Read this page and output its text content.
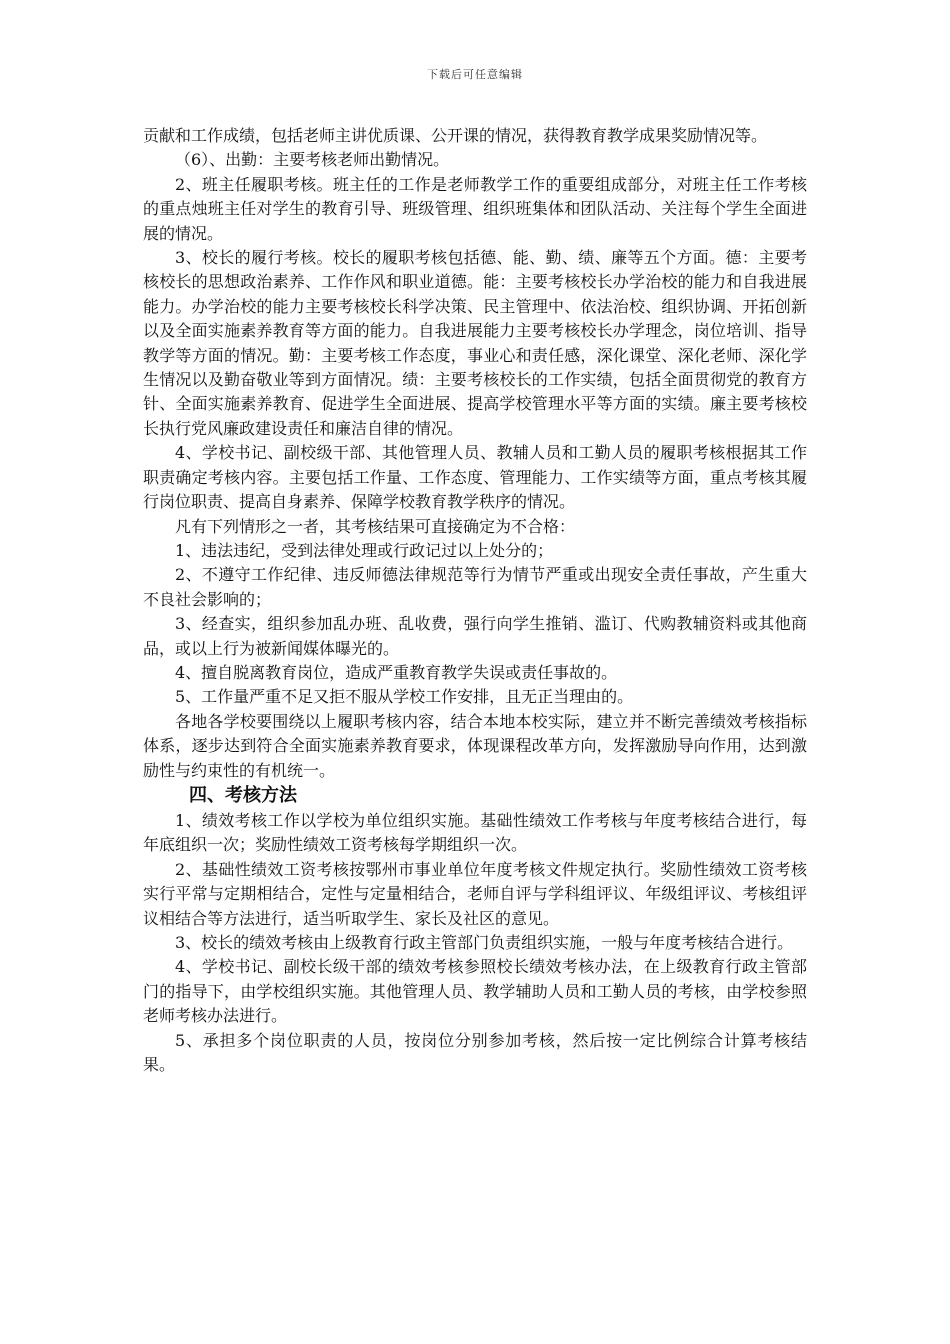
下载后可任意编辑

贡献和工作成绩，包括老师主讲优质课、公开课的情况，获得教育教学成果奖励情况等。

（6）、出勤：主要考核老师出勤情况。

2、班主任履职考核。班主任的工作是老师教学工作的重要组成部分，对班主任工作考核的重点烛班主任对学生的教育引导、班级管理、组织班集体和团队活动、关注每个学生全面进展的情况。

3、校长的履行考核。校长的履职考核包括德、能、勤、绩、廉等五个方面。德：主要考核校长的思想政治素养、工作作风和职业道德。能：主要考核校长办学治校的能力和自我进展能力。办学治校的能力主要考核校长科学决策、民主管理中、依法治校、组织协调、开拓创新以及全面实施素养教育等方面的能力。自我进展能力主要考核校长办学理念，岗位培训、指导教学等方面的情况。勤：主要考核工作态度，事业心和责任感，深化课堂、深化老师、深化学生情况以及勤奋敬业等到方面情况。绩：主要考核校长的工作实绩，包括全面贯彻党的教育方针、全面实施素养教育、促进学生全面进展、提高学校管理水平等方面的实绩。廉主要考核校长执行党风廉政建设责任和廉洁自律的情况。

4、学校书记、副校级干部、其他管理人员、教辅人员和工勤人员的履职考核根据其工作职责确定考核内容。主要包括工作量、工作态度、管理能力、工作实绩等方面，重点考核其履行岗位职责、提高自身素养、保障学校教育教学秩序的情况。

凡有下列情形之一者，其考核结果可直接确定为不合格：

1、违法违纪，受到法律处理或行政记过以上处分的；

2、不遵守工作纪律、违反师德法律规范等行为情节严重或出现安全责任事故，产生重大不良社会影响的；

3、经查实，组织参加乱办班、乱收费，强行向学生推销、滥订、代购教辅资料或其他商品，或以上行为被新闻媒体曝光的。

4、擅自脱离教育岗位，造成严重教育教学失误或责任事故的。

5、工作量严重不足又拒不服从学校工作安排，且无正当理由的。

各地各学校要围绕以上履职考核内容，结合本地本校实际，建立并不断完善绩效考核指标体系，逐步达到符合全面实施素养教育要求，体现课程改革方向，发挥激励导向作用，达到激励性与约束性的有机统一。

四、考核方法

1、绩效考核工作以学校为单位组织实施。基础性绩效工作考核与年度考核结合进行，每年底组织一次；奖励性绩效工资考核每学期组织一次。

2、基础性绩效工资考核按鄂州市事业单位年度考核文件规定执行。奖励性绩效工资考核实行平常与定期相结合，定性与定量相结合，老师自评与学科组评议、年级组评议、考核组评议相结合等方法进行，适当听取学生、家长及社区的意见。

3、校长的绩效考核由上级教育行政主管部门负责组织实施，一般与年度考核结合进行。

4、学校书记、副校长级干部的绩效考核参照校长绩效考核办法，在上级教育行政主管部门的指导下，由学校组织实施。其他管理人员、教学辅助人员和工勤人员的考核，由学校参照老师考核办法进行。

5、承担多个岗位职责的人员，按岗位分别参加考核，然后按一定比例综合计算考核结果。
